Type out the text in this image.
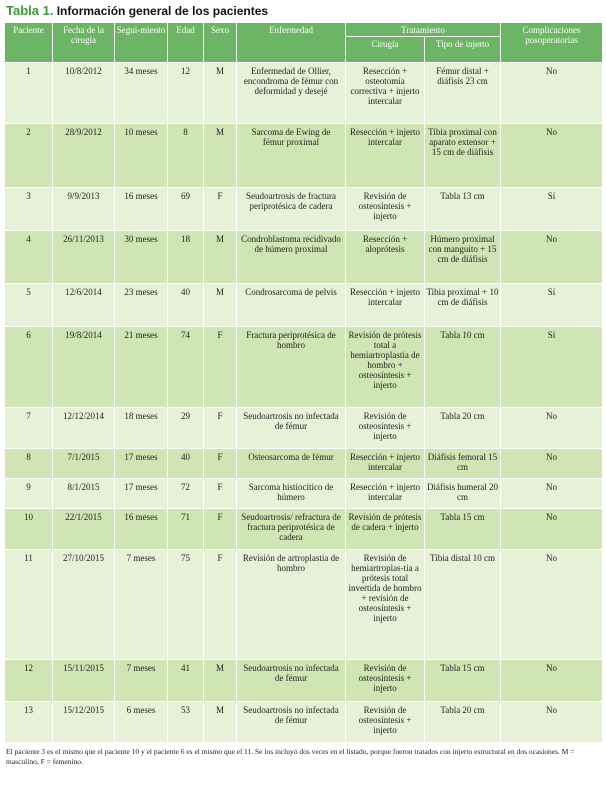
Tabla 1. Información general de los pacientes
Paciente	Fecha de la cirugía	Segui-miento	Edad	Sexo	Enfermedad	Tratamiento		Complicaciones posoperatorias
						Cirugía	Tipo de injerto	
1	10/8/2012	34 meses	12	M	Enfermedad de Ollier, encondroma de fémur con deformidad y desejé	Resección + osteotomía correctiva + injerto intercalar	Fémur distal + diáfisis 23 cm	No
2	28/9/2012	10 meses	8	M	Sarcoma de Ewing de fémur proximal	Resección + injerto intercalar	Tibia proximal con aparato extensor + 15 cm de diáfisis	No
3	9/9/2013	16 meses	69	F	Seudoartrosis de fractura periprotésica de cadera	Revisión de osteosíntesis + injerto	Tabla 13 cm	Sí
4	26/11/2013	30 meses	18	M	Condroblastoma recidivado de húmero proximal	Resección + aloprótesis	Húmero proximal con manguito + 15 cm de diáfisis	No
5	12/6/2014	23 meses	40	M	Condrosarcoma de pelvis	Resección + injerto intercalar	Tibia proximal + 10 cm de diáfisis	Sí
6	19/8/2014	21 meses	74	F	Fractura periprotésica de hombro	Revisión de prótesis total a hemiartroplastia de hombro + osteosíntesis + injerto	Tabla 10 cm	Sí
7	12/12/2014	18 meses	29	F	Seudoartrosis no infectada de fémur	Revisión de osteosíntesis + injerto	Tabla 20 cm	No
8	7/1/2015	17 meses	40	F	Osteosarcoma de fémur	Resección + injerto intercalar	Diáfisis femoral 15 cm	No
9	8/1/2015	17 meses	72	F	Sarcoma histiocítico de húmero	Resección + injerto intercalar	Diáfisis humeral 20 cm	No
10	22/1/2015	16 meses	71	F	Seudoartrosis/ refractura de fractura periprotésica de cadera	Revisión de prótesis de cadera + injerto	Tabla 15 cm	No
11	27/10/2015	7 meses	75	F	Revisión de artroplastia de hombro	Revisión de hemiartroplas-tia a prótesis total invertida de hombro + revisión de osteosíntesis + injerto	Tibia distal 10 cm	No
12	15/11/2015	7 meses	41	M	Seudoartrosis no infectada de fémur	Revisión de osteosíntesis + injerto	Tabla 15 cm	No
13	15/12/2015	6 meses	53	M	Seudoartrosis no infectada de fémur	Revisión de osteosíntesis + injerto	Tabla 20 cm	No
El paciente 3 es el mismo que el paciente 10 y el paciente 6 es el mismo que el 11. Se los incluyó dos veces en el listado, porque fueron tratados con injerto estructural en dos ocasiones. M = masculino, F = femenino.
